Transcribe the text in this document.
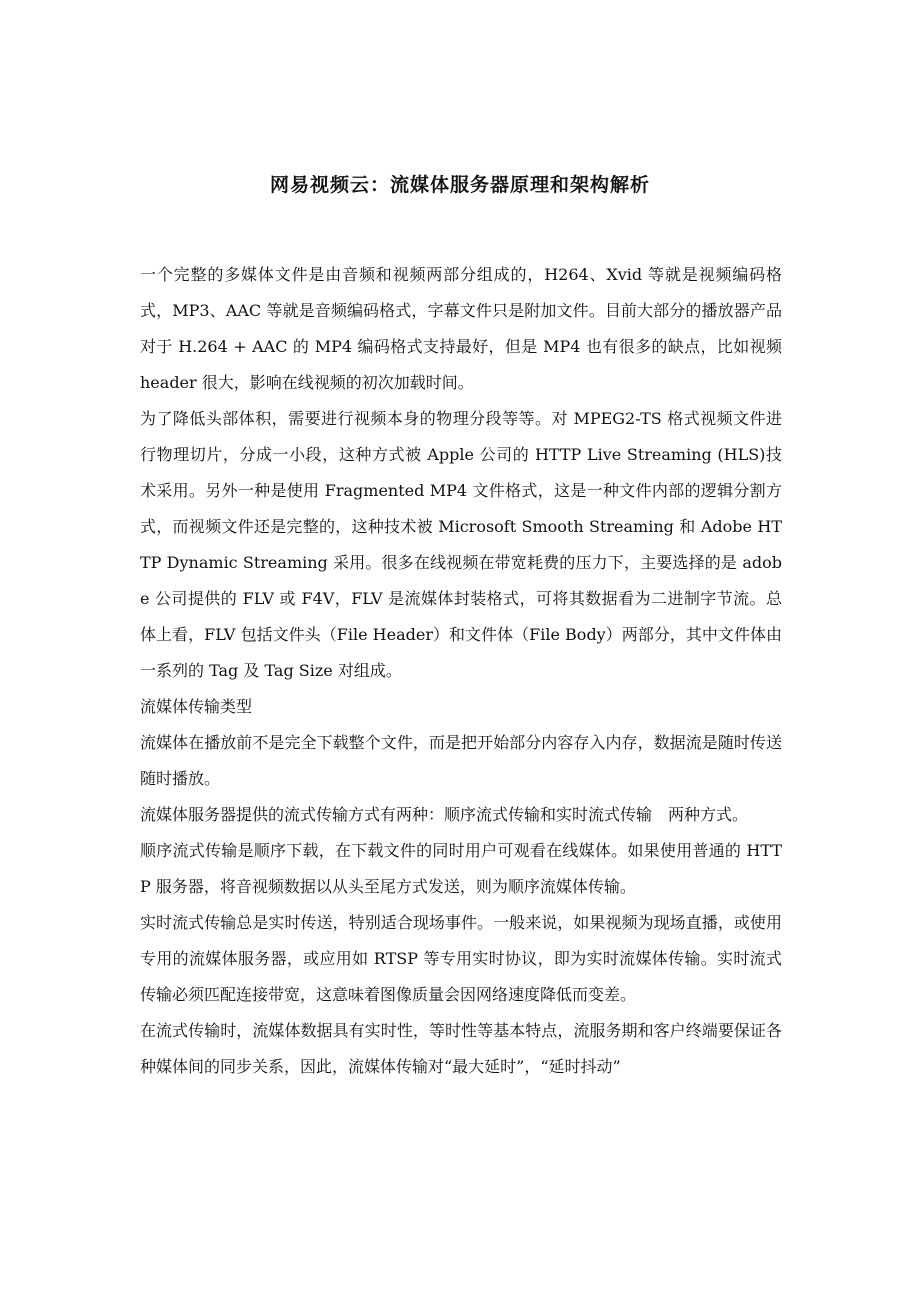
网易视频云：流媒体服务器原理和架构解析

一个完整的多媒体文件是由音频和视频两部分组成的，H264、Xvid 等就是视频编码格式，MP3、AAC 等就是音频编码格式，字幕文件只是附加文件。目前大部分的播放器产品对于 H.264 + AAC 的 MP4 编码格式支持最好，但是 MP4 也有很多的缺点，比如视频 header 很大，影响在线视频的初次加载时间。

为了降低头部体积，需要进行视频本身的物理分段等等。对 MPEG2-TS 格式视频文件进行物理切片，分成一小段，这种方式被 Apple 公司的 HTTP Live Streaming (HLS)技术采用。另外一种是使用 Fragmented MP4 文件格式，这是一种文件内部的逻辑分割方式，而视频文件还是完整的，这种技术被 Microsoft Smooth Streaming 和 Adobe HTTP Dynamic Streaming 采用。很多在线视频在带宽耗费的压力下，主要选择的是 adobe 公司提供的 FLV 或 F4V，FLV 是流媒体封装格式，可将其数据看为二进制字节流。总体上看，FLV 包括文件头（File Header）和文件体（File Body）两部分，其中文件体由一系列的 Tag 及 Tag Size 对组成。

流媒体传输类型

流媒体在播放前不是完全下载整个文件，而是把开始部分内容存入内存，数据流是随时传送随时播放。

流媒体服务器提供的流式传输方式有两种：顺序流式传输和实时流式传输　两种方式。

顺序流式传输是顺序下载，在下载文件的同时用户可观看在线媒体。如果使用普通的 HTTP 服务器，将音视频数据以从头至尾方式发送，则为顺序流媒体传输。

实时流式传输总是实时传送，特别适合现场事件。一般来说，如果视频为现场直播，或使用专用的流媒体服务器，或应用如 RTSP 等专用实时协议，即为实时流媒体传输。实时流式传输必须匹配连接带宽，这意味着图像质量会因网络速度降低而变差。

在流式传输时，流媒体数据具有实时性，等时性等基本特点，流服务期和客户终端要保证各种媒体间的同步关系，因此，流媒体传输对“最大延时”，“延时抖动”
